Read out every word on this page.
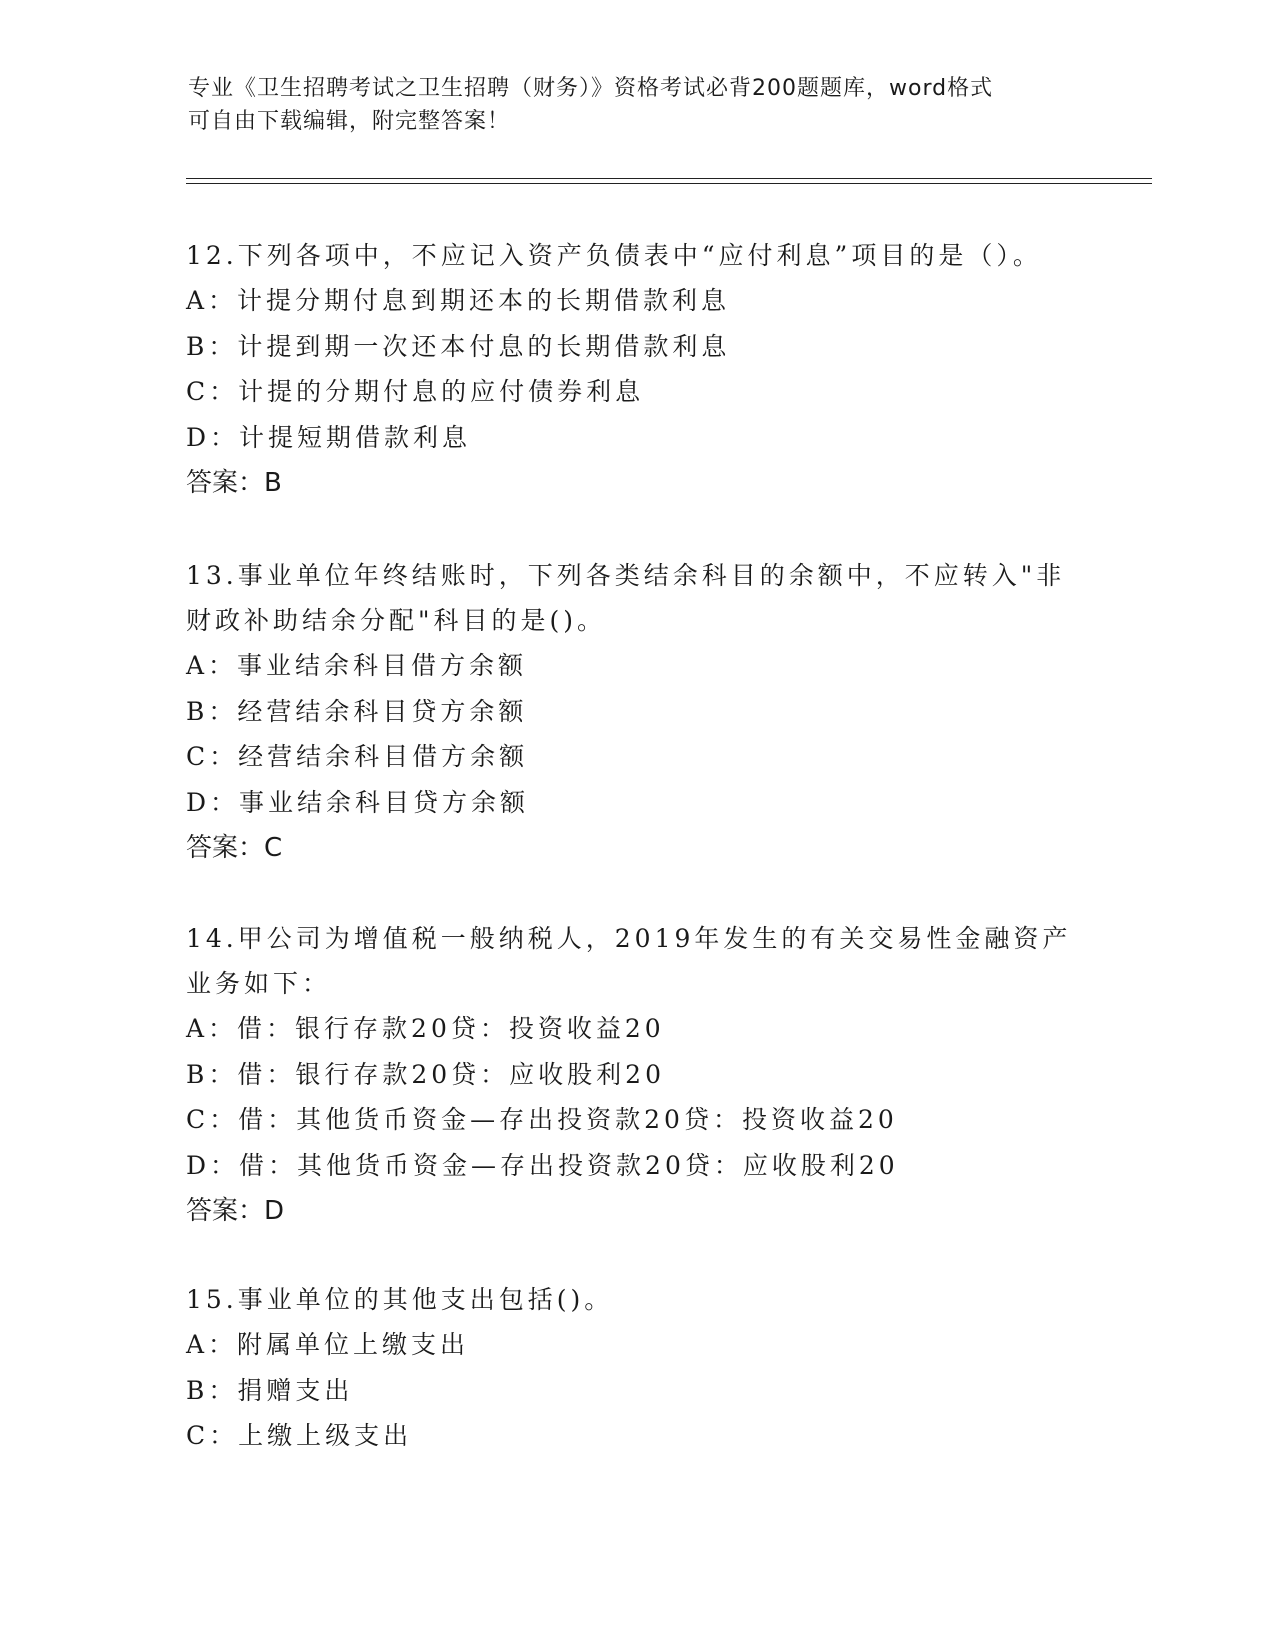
专业《卫生招聘考试之卫生招聘（财务）》资格考试必背200题题库，word格式
可自由下载编辑，附完整答案！

12.下列各项中，不应记入资产负债表中“应付利息”项目的是（）。

A：计提分期付息到期还本的长期借款利息

B：计提到期一次还本付息的长期借款利息

C：计提的分期付息的应付债券利息

D：计提短期借款利息

答案：B

13.事业单位年终结账时，下列各类结余科目的余额中，不应转入"非财政补助结余分配"科目的是()。

A：事业结余科目借方余额

B：经营结余科目贷方余额

C：经营结余科目借方余额

D：事业结余科目贷方余额

答案：C

14.甲公司为增值税一般纳税人，2019年发生的有关交易性金融资产业务如下：

A：借：银行存款20贷：投资收益20

B：借：银行存款20贷：应收股利20

C：借：其他货币资金—存出投资款20贷：投资收益20

D：借：其他货币资金—存出投资款20贷：应收股利20

答案：D

15.事业单位的其他支出包括()。

A：附属单位上缴支出

B：捐赠支出

C：上缴上级支出
